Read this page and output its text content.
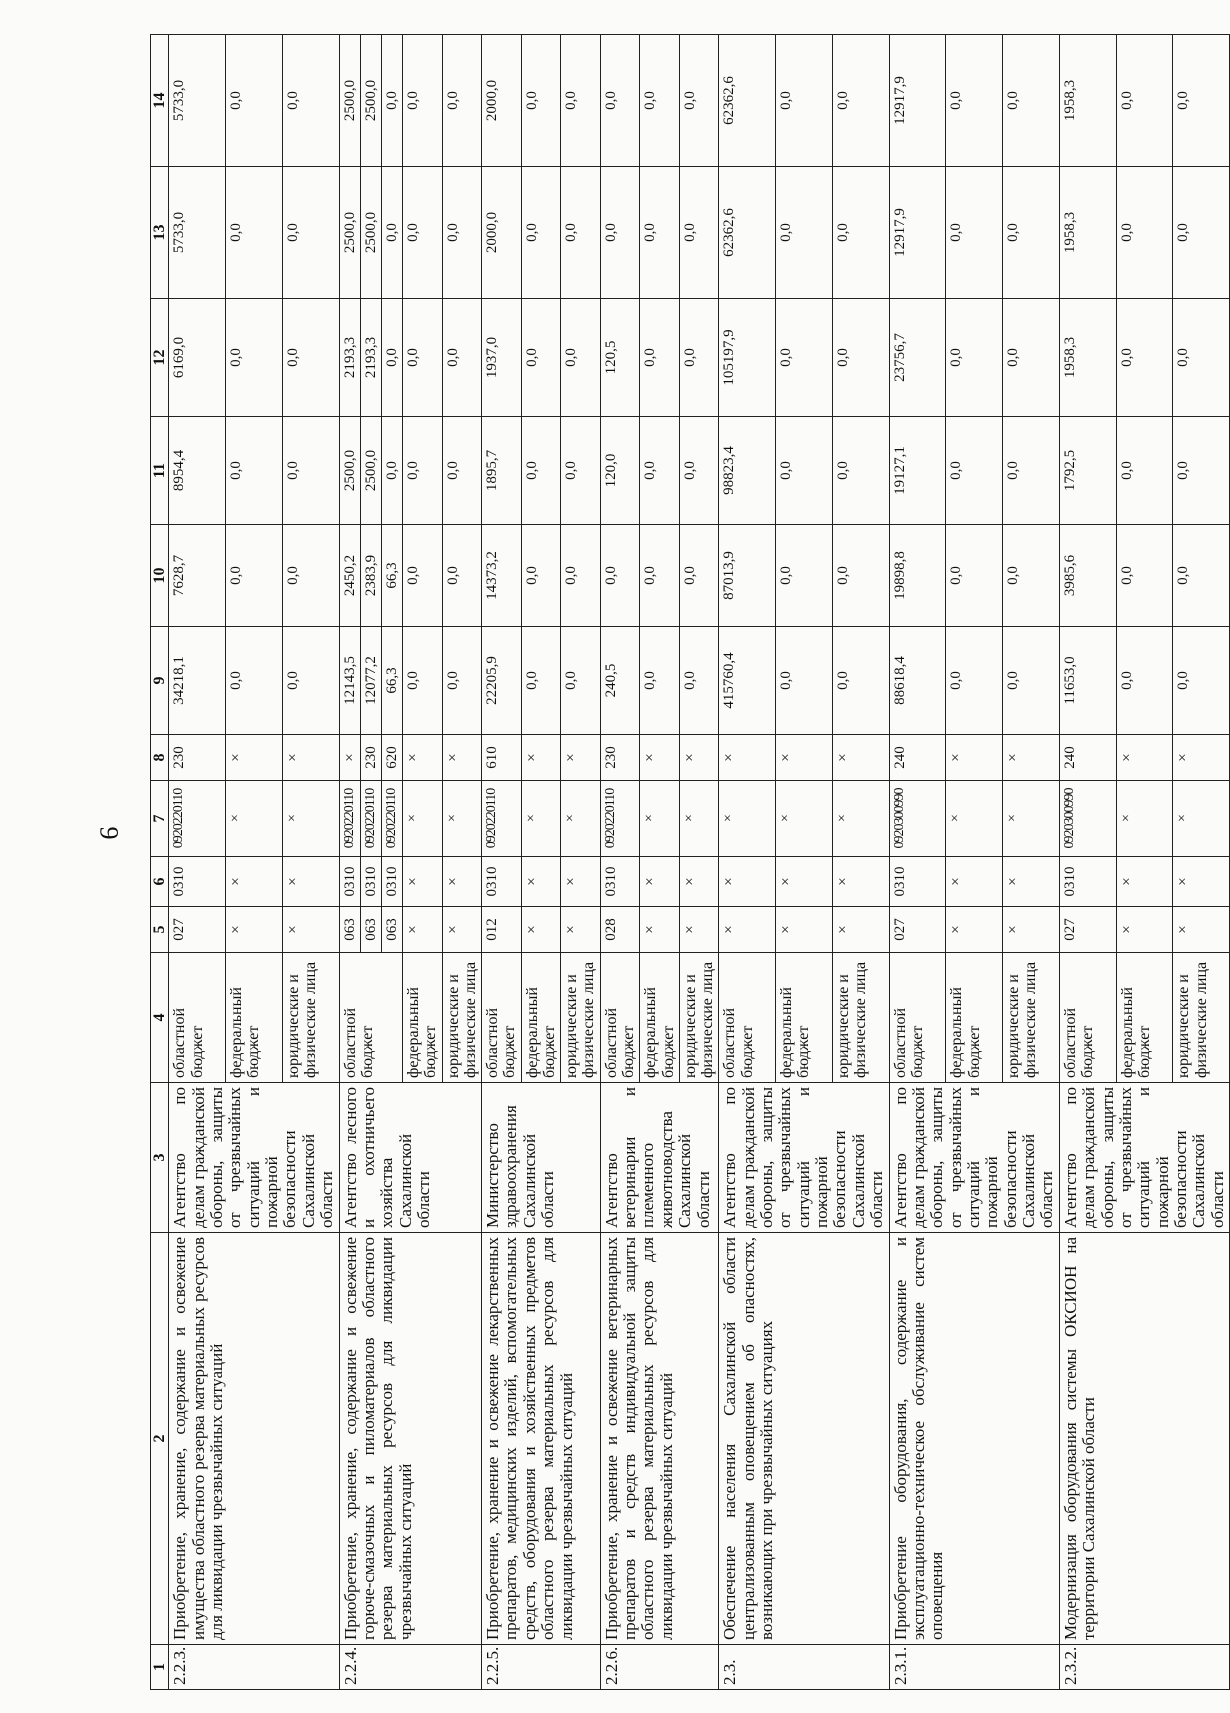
9
1	2	3	4	5	6	7	8	9	10	11	12	13	14
2.2.3.	Приобретение, хранение, содержание и освежение имущества областного резерва материальных ресурсов для ликвидации чрезвычайных ситуаций	Агентство по делам гражданской обороны, защиты от чрезвычайных ситуаций и пожарной безопасности Сахалинской области	областной бюджет	027	0310	0920220110	230	34218,1	7628,7	8954,4	6169,0	5733,0	5733,0
			федеральный бюджет	×	×	×	×	0,0	0,0	0,0	0,0	0,0	0,0
			юридические и физические лица	×	×	×	×	0,0	0,0	0,0	0,0	0,0	0,0
2.2.4.	Приобретение, хранение, содержание и освежение горюче-смазочных и пиломатериалов областного резерва материальных ресурсов для ликвидации чрезвычайных ситуаций	Агентство лесного и охотничьего хозяйства Сахалинской области	областной бюджет	063	0310	0920220110	×	12143,5	2450,2	2500,0	2193,3	2500,0	2500,0
				063	0310	0920220110	230	12077,2	2383,9	2500,0	2193,3	2500,0	2500,0
				063	0310	0920220110	620	66,3	66,3	0,0	0,0	0,0	0,0
			федеральный бюджет	×	×	×	×	0,0	0,0	0,0	0,0	0,0	0,0
			юридические и физические лица	×	×	×	×	0,0	0,0	0,0	0,0	0,0	0,0
2.2.5.	Приобретение, хранение и освежение лекарственных препаратов, медицинских изделий, вспомогательных средств, оборудования и хозяйственных предметов областного резерва материальных ресурсов для ликвидации чрезвычайных ситуаций	Министерство здравоохранения Сахалинской области	областной бюджет	012	0310	0920220110	610	22205,9	14373,2	1895,7	1937,0	2000,0	2000,0
			федеральный бюджет	×	×	×	×	0,0	0,0	0,0	0,0	0,0	0,0
			юридические и физические лица	×	×	×	×	0,0	0,0	0,0	0,0	0,0	0,0
2.2.6.	Приобретение, хранение и освежение ветеринарных препаратов и средств индивидуальной защиты областного резерва материальных ресурсов для ликвидации чрезвычайных ситуаций	Агентство ветеринарии и племенного животноводства Сахалинской области	областной бюджет	028	0310	0920220110	230	240,5	0,0	120,0	120,5	0,0	0,0
			федеральный бюджет	×	×	×	×	0,0	0,0	0,0	0,0	0,0	0,0
			юридические и физические лица	×	×	×	×	0,0	0,0	0,0	0,0	0,0	0,0
2.3.	Обеспечение населения Сахалинской области централизованным оповещением об опасностях, возникающих при чрезвычайных ситуациях	Агентство по делам гражданской обороны, защиты от чрезвычайных ситуаций и пожарной безопасности Сахалинской области	областной бюджет	×	×	×	×	415760,4	87013,9	98823,4	105197,9	62362,6	62362,6
			федеральный бюджет	×	×	×	×	0,0	0,0	0,0	0,0	0,0	0,0
			юридические и физические лица	×	×	×	×	0,0	0,0	0,0	0,0	0,0	0,0
2.3.1.	Приобретение оборудования, содержание и эксплуатационно-техническое обслуживание систем оповещения	Агентство по делам гражданской обороны, защиты от чрезвычайных ситуаций и пожарной безопасности Сахалинской области	областной бюджет	027	0310	0920300990	240	88618,4	19898,8	19127,1	23756,7	12917,9	12917,9
			федеральный бюджет	×	×	×	×	0,0	0,0	0,0	0,0	0,0	0,0
			юридические и физические лица	×	×	×	×	0,0	0,0	0,0	0,0	0,0	0,0
2.3.2.	Модернизация оборудования системы ОКСИОН на территории Сахалинской области	Агентство по делам гражданской обороны, защиты от чрезвычайных ситуаций и пожарной безопасности Сахалинской области	областной бюджет	027	0310	0920300990	240	11653,0	3985,6	1792,5	1958,3	1958,3	1958,3
			федеральный бюджет	×	×	×	×	0,0	0,0	0,0	0,0	0,0	0,0
			юридические и физические лица	×	×	×	×	0,0	0,0	0,0	0,0	0,0	0,0
